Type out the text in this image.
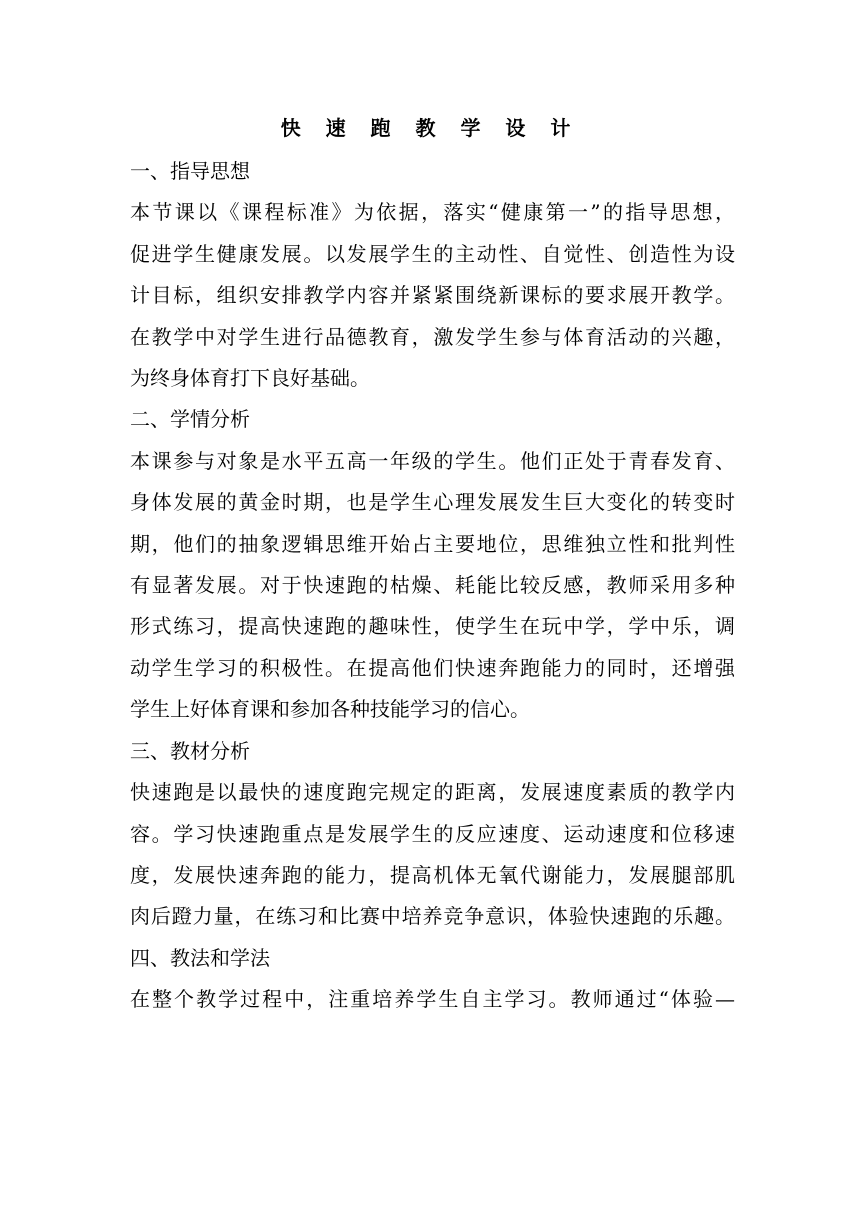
快 速 跑 教 学 设 计
一、指导思想

本节课以《课程标准》为依据，落实“健康第一”的指导思想，
促进学生健康发展。以发展学生的主动性、自觉性、创造性为设
计目标，组织安排教学内容并紧紧围绕新课标的要求展开教学。
在教学中对学生进行品德教育，激发学生参与体育活动的兴趣，
为终身体育打下良好基础。

二、学情分析

本课参与对象是水平五高一年级的学生。他们正处于青春发育、
身体发展的黄金时期，也是学生心理发展发生巨大变化的转变时
期，他们的抽象逻辑思维开始占主要地位，思维独立性和批判性
有显著发展。对于快速跑的枯燥、耗能比较反感，教师采用多种
形式练习，提高快速跑的趣味性，使学生在玩中学，学中乐，调
动学生学习的积极性。在提高他们快速奔跑能力的同时，还增强
学生上好体育课和参加各种技能学习的信心。

三、教材分析

快速跑是以最快的速度跑完规定的距离，发展速度素质的教学内
容。学习快速跑重点是发展学生的反应速度、运动速度和位移速
度，发展快速奔跑的能力，提高机体无氧代谢能力，发展腿部肌
肉后蹬力量，在练习和比赛中培养竞争意识，体验快速跑的乐趣。

四、教法和学法

在整个教学过程中，注重培养学生自主学习。教师通过“体验—
